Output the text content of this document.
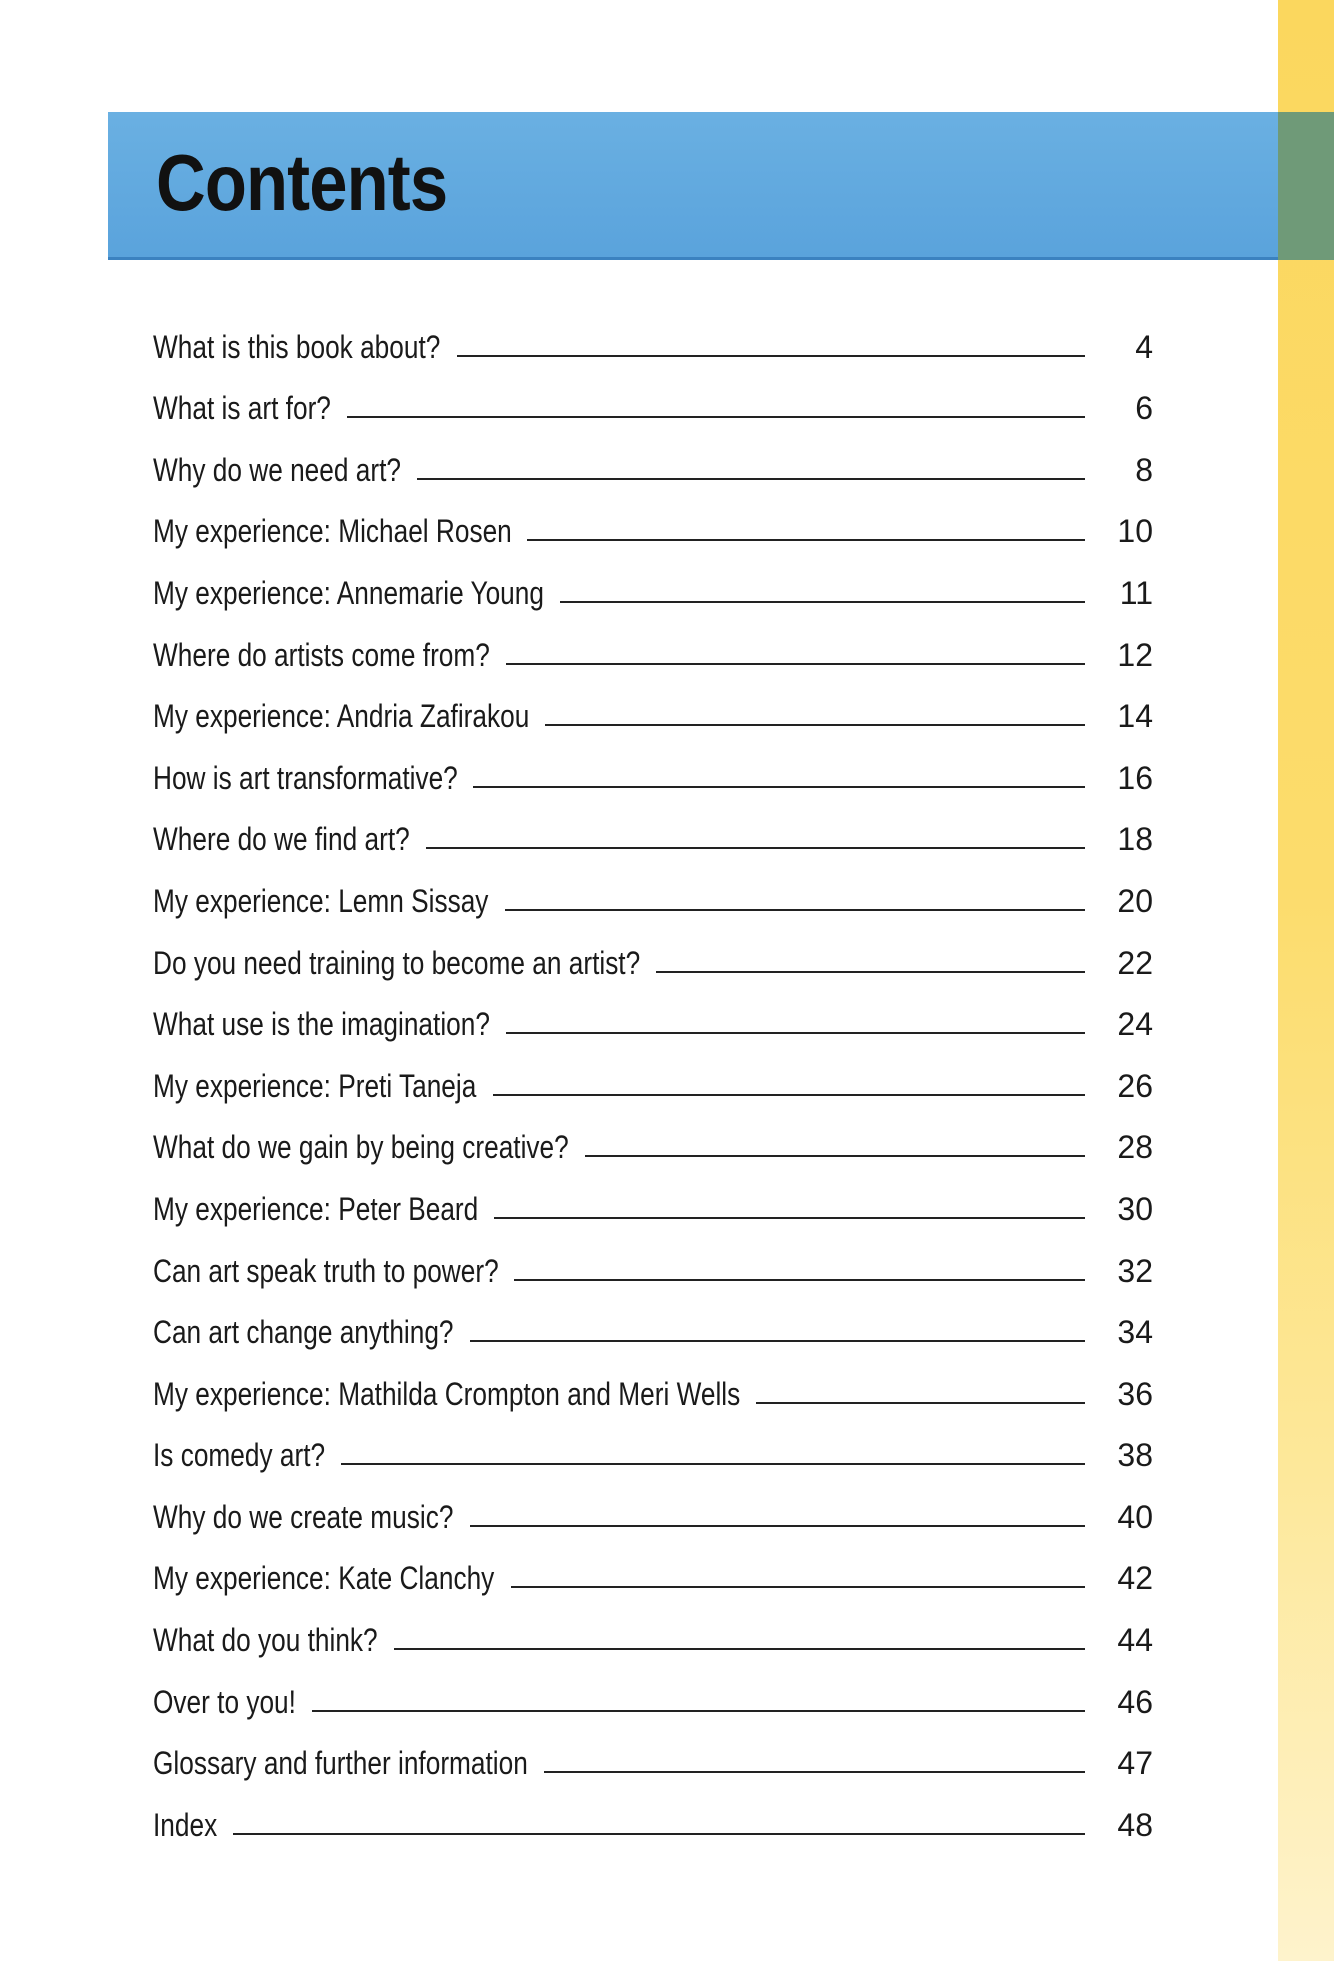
Contents
What is this book about?	4
What is art for?	6
Why do we need art?	8
My experience: Michael Rosen	10
My experience: Annemarie Young	11
Where do artists come from?	12
My experience: Andria Zafirakou	14
How is art transformative?	16
Where do we find art?	18
My experience: Lemn Sissay	20
Do you need training to become an artist?	22
What use is the imagination?	24
My experience: Preti Taneja	26
What do we gain by being creative?	28
My experience: Peter Beard	30
Can art speak truth to power?	32
Can art change anything?	34
My experience: Mathilda Crompton and Meri Wells	36
Is comedy art?	38
Why do we create music?	40
My experience: Kate Clanchy	42
What do you think?	44
Over to you!	46
Glossary and further information	47
Index	48
